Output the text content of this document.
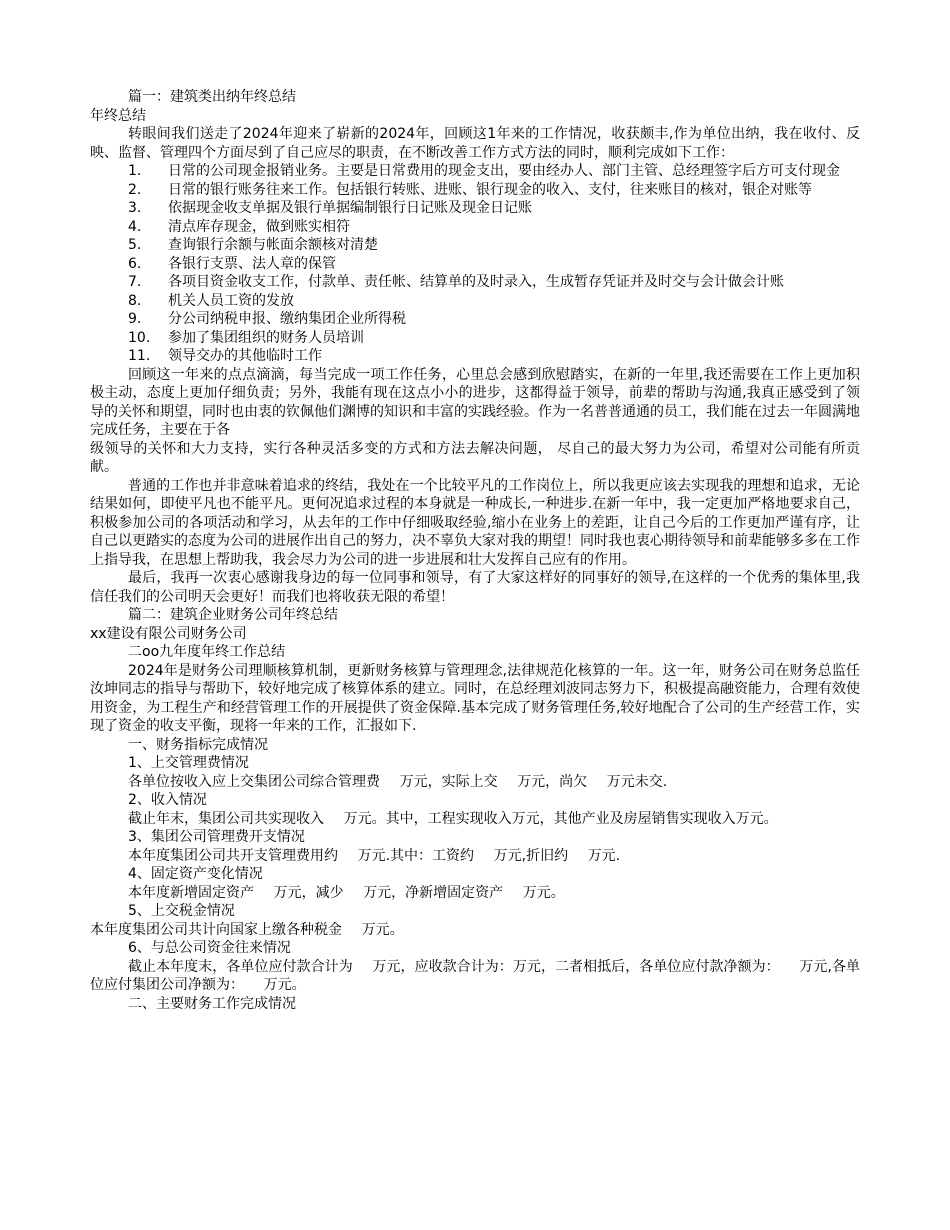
篇一：建筑类出纳年终总结

年终总结

转眼间我们送走了2024年迎来了崭新的2024年，回顾这1年来的工作情况，收获颇丰,作为单位出纳，我在收付、反映、监督、管理四个方面尽到了自己应尽的职责，在不断改善工作方式方法的同时，顺利完成如下工作：

1.	日常的公司现金报销业务。主要是日常费用的现金支出，要由经办人、部门主管、总经理签字后方可支付现金
2.	日常的银行账务往来工作。包括银行转账、进账、银行现金的收入、支付，往来账目的核对，银企对账等
3.	依据现金收支单据及银行单据编制银行日记账及现金日记账
4.	清点库存现金，做到账实相符
5.	查询银行余额与帐面余额核对清楚
6.	各银行支票、法人章的保管
7.	各项目资金收支工作，付款单、责任帐、结算单的及时录入，生成暂存凭证并及时交与会计做会计账
8.	机关人员工资的发放
9.	分公司纳税申报、缴纳集团企业所得税
10.	参加了集团组织的财务人员培训
11.	领导交办的其他临时工作

回顾这一年来的点点滴滴，每当完成一项工作任务，心里总会感到欣慰踏实，在新的一年里,我还需要在工作上更加积极主动，态度上更加仔细负责；另外，我能有现在这点小小的进步，这都得益于领导，前辈的帮助与沟通,我真正感受到了领导的关怀和期望，同时也由衷的钦佩他们渊博的知识和丰富的实践经验。作为一名普普通通的员工，我们能在过去一年圆满地完成任务，主要在于各

级领导的关怀和大力支持，实行各种灵活多变的方式和方法去解决问题， 尽自己的最大努力为公司，希望对公司能有所贡献。

普通的工作也并非意味着追求的终结，我处在一个比较平凡的工作岗位上，所以我更应该去实现我的理想和追求，无论结果如何，即使平凡也不能平凡。更何况追求过程的本身就是一种成长,一种进步.在新一年中，我一定更加严格地要求自己，积极参加公司的各项活动和学习，从去年的工作中仔细吸取经验,缩小在业务上的差距，让自己今后的工作更加严谨有序，让自己以更踏实的态度为公司的进展作出自己的努力，决不辜负大家对我的期望！同时我也衷心期待领导和前辈能够多多在工作上指导我，在思想上帮助我，我会尽力为公司的进一步进展和壮大发挥自己应有的作用。

最后，我再一次衷心感谢我身边的每一位同事和领导，有了大家这样好的同事好的领导,在这样的一个优秀的集体里,我信任我们的公司明天会更好！而我们也将收获无限的希望！

篇二：建筑企业财务公司年终总结

xx建设有限公司财务公司

二oo九年度年终工作总结

2024年是财务公司理顺核算机制，更新财务核算与管理理念,法律规范化核算的一年。这一年，财务公司在财务总监任汝坤同志的指导与帮助下，较好地完成了核算体系的建立。同时，在总经理刘波同志努力下，积极提高融资能力，合理有效使用资金，为工程生产和经营管理工作的开展提供了资金保障.基本完成了财务管理任务,较好地配合了公司的生产经营工作，实现了资金的收支平衡，现将一年来的工作，汇报如下.

一、财务指标完成情况

1、上交管理费情况

各单位按收入应上交集团公司综合管理费 万元，实际上交 万元，尚欠 万元未交.

2、收入情况

截止年末，集团公司共实现收入 万元。其中，工程实现收入万元，其他产业及房屋销售实现收入万元。

3、集团公司管理费开支情况

本年度集团公司共开支管理费用约 万元.其中：工资约 万元,折旧约 万元.

4、固定资产变化情况

本年度新增固定资产 万元，减少 万元，净新增固定资产 万元。

5、上交税金情况

本年度集团公司共计向国家上缴各种税金 万元。

6、与总公司资金往来情况

截止本年度末，各单位应付款合计为 万元，应收款合计为：万元，二者相抵后，各单位应付款净额为： 万元,各单位应付集团公司净额为： 万元。

二、主要财务工作完成情况
